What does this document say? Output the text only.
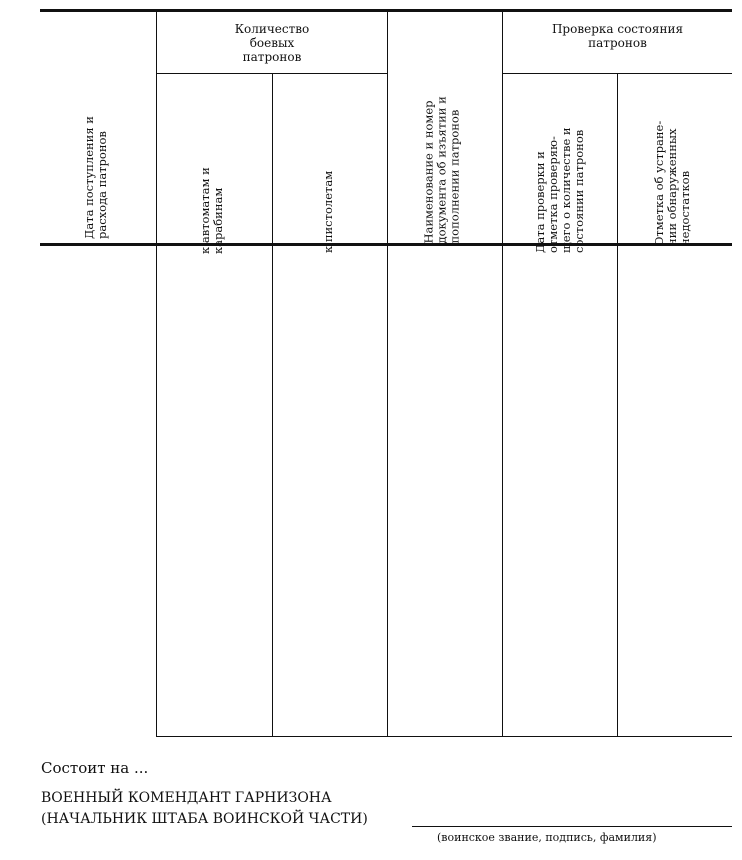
Количество
боевых
патронов
Проверка состояния
патронов
Дата поступления и
расхода патронов
к автоматам и
карабинам	к пистолетам	Наименование и номер
документа об изъятии и
пополнении патронов
Дата проверки и
отметка проверяю-
щего о количестве и
состоянии патронов
Отметка об устране-
нии обнаруженных
недостатков
Состоит на ...
ВОЕННЫЙ КОМЕНДАНТ ГАРНИЗОНА
(НАЧАЛЬНИК ШТАБА ВОИНСКОЙ ЧАСТИ)
(воинское звание, подпись, фамилия)
